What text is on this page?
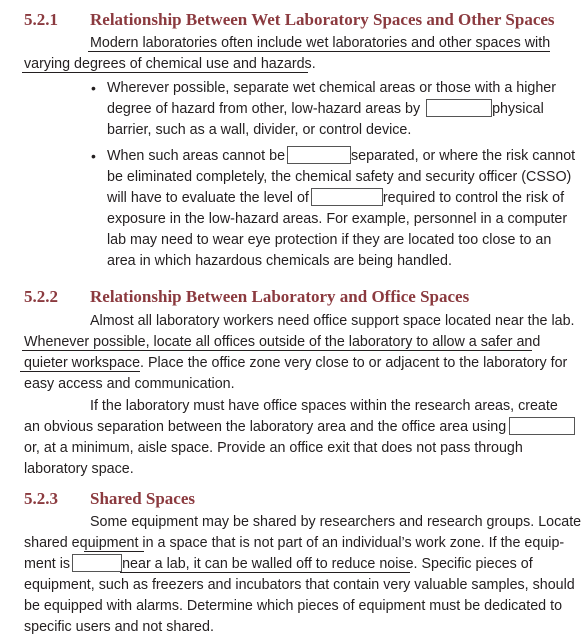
5.2.1 Relationship Between Wet Laboratory Spaces and Other Spaces
Modern laboratories often include wet laboratories and other spaces with
varying degrees of chemical use and hazards.
• Wherever possible, separate wet chemical areas or those with a higher
degree of hazard from other, low-hazard areas by	physical
barrier, such as a wall, divider, or control device.
• When such areas cannot be	separated, or where the risk cannot
be eliminated completely, the chemical safety and security officer (CSSO)
will have to evaluate the level of	required to control the risk of
exposure in the low-hazard areas. For example, personnel in a computer
lab may need to wear eye protection if they are located too close to an
area in which hazardous chemicals are being handled.
5.2.2 Relationship Between Laboratory and Office Spaces
Almost all laboratory workers need office support space located near the lab.
Whenever possible, locate all offices outside of the laboratory to allow a safer and
quieter workspace. Place the office zone very close to or adjacent to the laboratory for
easy access and communication.
If the laboratory must have office spaces within the research areas, create
an obvious separation between the laboratory area and the office area using
or, at a minimum, aisle space. Provide an office exit that does not pass through
laboratory space.
5.2.3 Shared Spaces
Some equipment may be shared by researchers and research groups. Locate
shared equipment in a space that is not part of an individual’s work zone. If the equip-
ment is	near a lab, it can be walled off to reduce noise. Specific pieces of
equipment, such as freezers and incubators that contain very valuable samples, should
be equipped with alarms. Determine which pieces of equipment must be dedicated to
specific users and not shared.
